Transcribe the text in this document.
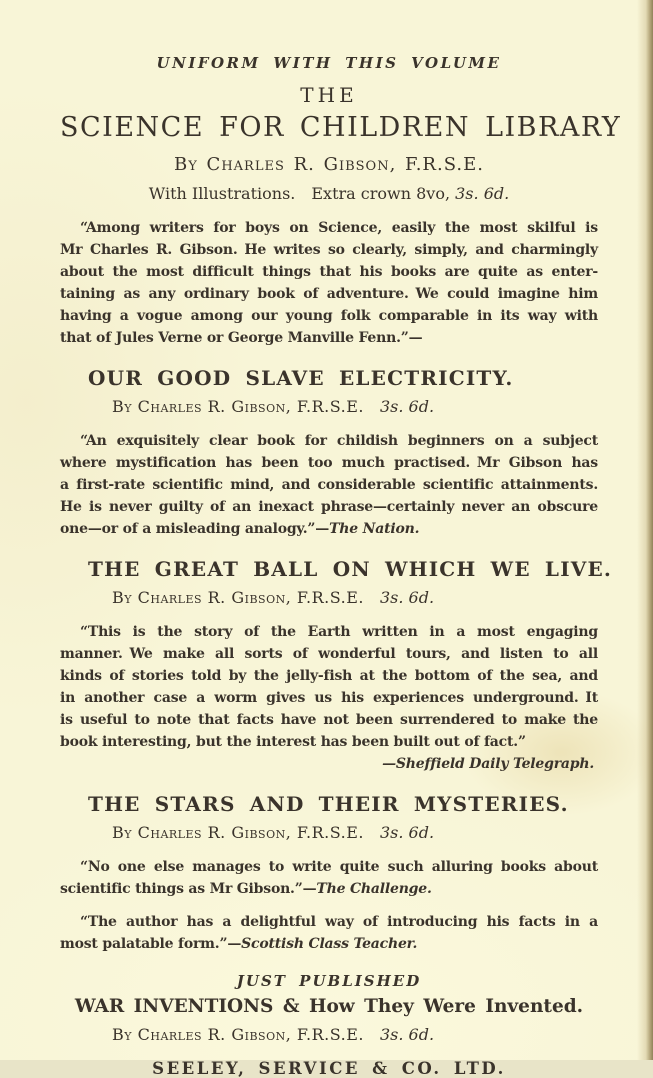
UNIFORM WITH THIS VOLUME
THE
SCIENCE FOR CHILDREN LIBRARY
By Charles R. Gibson, F.R.S.E.
With Illustrations. Extra crown 8vo, 3s. 6d.
“Among writers for boys on Science, easily the most skilful is
Mr Charles R. Gibson. He writes so clearly, simply, and charmingly
about the most difficult things that his books are quite as enter-
taining as any ordinary book of adventure. We could imagine him
having a vogue among our young folk comparable in its way with
that of Jules Verne or George Manville Fenn.”—
OUR GOOD SLAVE ELECTRICITY.
By Charles R. Gibson, F.R.S.E. 3s. 6d.
“An exquisitely clear book for childish beginners on a subject
where mystification has been too much practised. Mr Gibson has
a first-rate scientific mind, and considerable scientific attainments.
He is never guilty of an inexact phrase—certainly never an obscure
one—or of a misleading analogy.”—The Nation.
THE GREAT BALL ON WHICH WE LIVE.
By Charles R. Gibson, F.R.S.E. 3s. 6d.
“This is the story of the Earth written in a most engaging
manner. We make all sorts of wonderful tours, and listen to all
kinds of stories told by the jelly-fish at the bottom of the sea, and
in another case a worm gives us his experiences underground. It
is useful to note that facts have not been surrendered to make the
book interesting, but the interest has been built out of fact.”
—Sheffield Daily Telegraph.
THE STARS AND THEIR MYSTERIES.
By Charles R. Gibson, F.R.S.E. 3s. 6d.
“No one else manages to write quite such alluring books about
scientific things as Mr Gibson.”—The Challenge.
“The author has a delightful way of introducing his facts in a
most palatable form.”—Scottish Class Teacher.
JUST PUBLISHED
WAR INVENTIONS & How They Were Invented.
By Charles R. Gibson, F.R.S.E. 3s. 6d.
SEELEY, SERVICE & CO. LTD.
